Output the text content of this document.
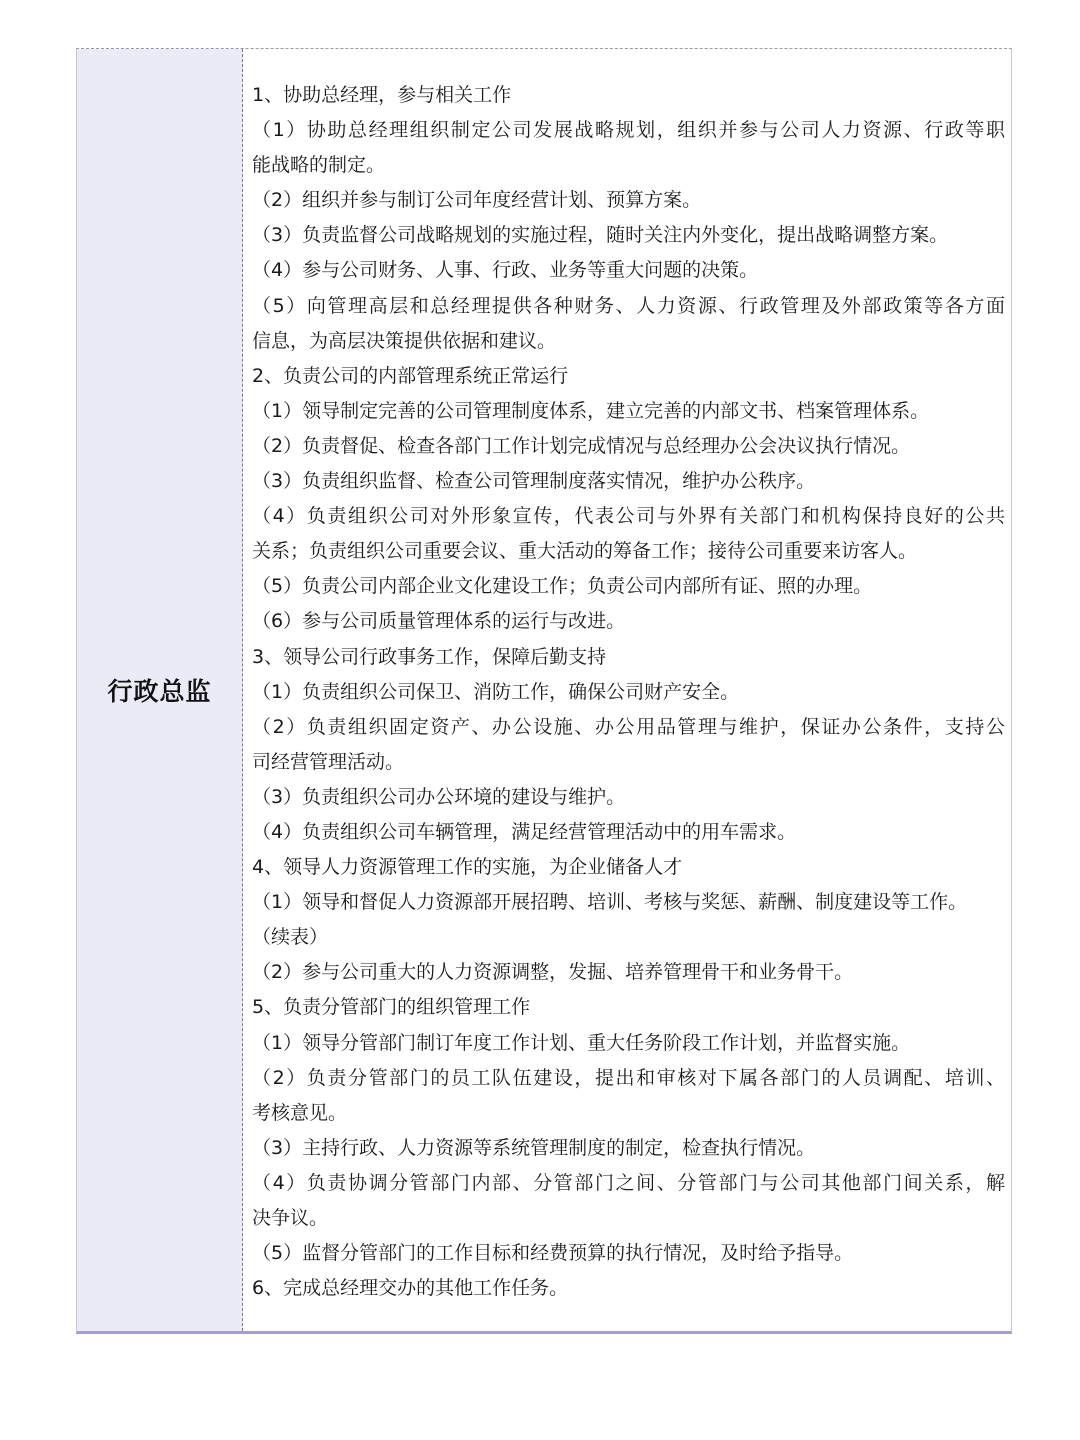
行政总监
1、协助总经理，参与相关工作
（1）协助总经理组织制定公司发展战略规划，组织并参与公司人力资源、行政等职
能战略的制定。
（2）组织并参与制订公司年度经营计划、预算方案。
（3）负责监督公司战略规划的实施过程，随时关注内外变化，提出战略调整方案。
（4）参与公司财务、人事、行政、业务等重大问题的决策。
（5）向管理高层和总经理提供各种财务、人力资源、行政管理及外部政策等各方面
信息，为高层决策提供依据和建议。
2、负责公司的内部管理系统正常运行
（1）领导制定完善的公司管理制度体系，建立完善的内部文书、档案管理体系。
（2）负责督促、检查各部门工作计划完成情况与总经理办公会决议执行情况。
（3）负责组织监督、检查公司管理制度落实情况，维护办公秩序。
（4）负责组织公司对外形象宣传，代表公司与外界有关部门和机构保持良好的公共
关系；负责组织公司重要会议、重大活动的筹备工作；接待公司重要来访客人。
（5）负责公司内部企业文化建设工作；负责公司内部所有证、照的办理。
（6）参与公司质量管理体系的运行与改进。
3、领导公司行政事务工作，保障后勤支持
（1）负责组织公司保卫、消防工作，确保公司财产安全。
（2）负责组织固定资产、办公设施、办公用品管理与维护，保证办公条件，支持公
司经营管理活动。
（3）负责组织公司办公环境的建设与维护。
（4）负责组织公司车辆管理，满足经营管理活动中的用车需求。
4、领导人力资源管理工作的实施，为企业储备人才
（1）领导和督促人力资源部开展招聘、培训、考核与奖惩、薪酬、制度建设等工作。
（续表）
（2）参与公司重大的人力资源调整，发掘、培养管理骨干和业务骨干。
5、负责分管部门的组织管理工作
（1）领导分管部门制订年度工作计划、重大任务阶段工作计划，并监督实施。
（2）负责分管部门的员工队伍建设，提出和审核对下属各部门的人员调配、培训、
考核意见。
（3）主持行政、人力资源等系统管理制度的制定，检查执行情况。
（4）负责协调分管部门内部、分管部门之间、分管部门与公司其他部门间关系，解
决争议。
（5）监督分管部门的工作目标和经费预算的执行情况，及时给予指导。
6、完成总经理交办的其他工作任务。
